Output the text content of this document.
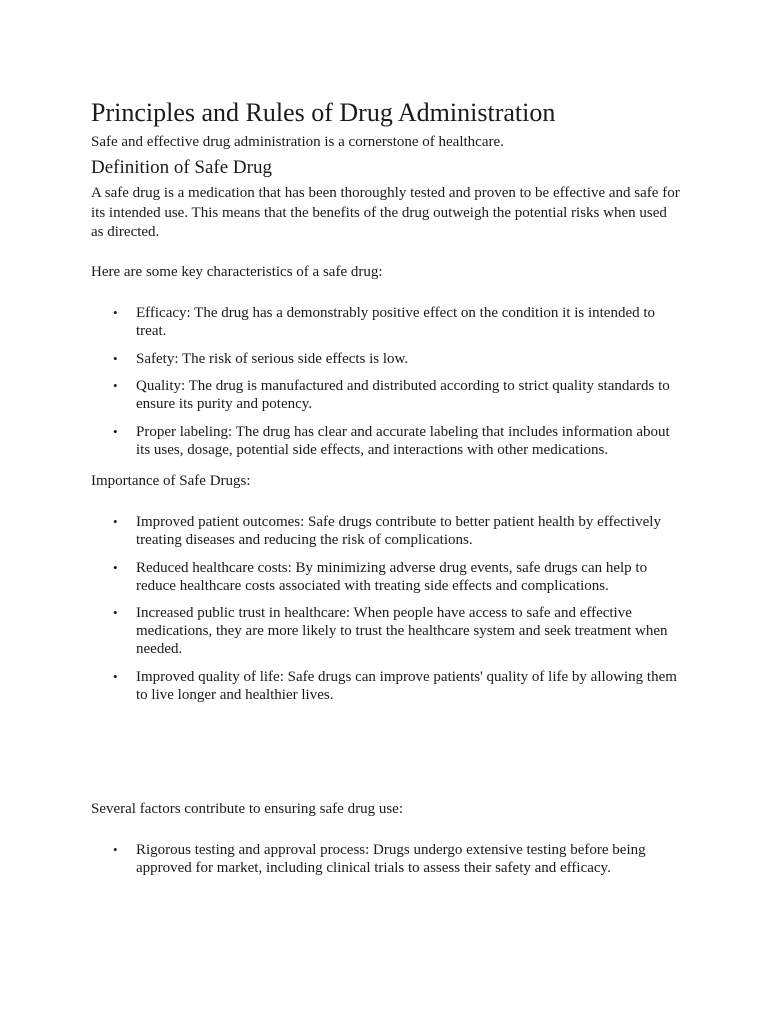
Principles and Rules of Drug Administration

Safe and effective drug administration is a cornerstone of healthcare.

Definition of Safe Drug

A safe drug is a medication that has been thoroughly tested and proven to be effective and safe for its intended use. This means that the benefits of the drug outweigh the potential risks when used as directed.

Here are some key characteristics of a safe drug:

• Efficacy: The drug has a demonstrably positive effect on the condition it is intended to treat.
• Safety: The risk of serious side effects is low.
• Quality: The drug is manufactured and distributed according to strict quality standards to ensure its purity and potency.
• Proper labeling: The drug has clear and accurate labeling that includes information about its uses, dosage, potential side effects, and interactions with other medications.

Importance of Safe Drugs:

• Improved patient outcomes: Safe drugs contribute to better patient health by effectively treating diseases and reducing the risk of complications.
• Reduced healthcare costs: By minimizing adverse drug events, safe drugs can help to reduce healthcare costs associated with treating side effects and complications.
• Increased public trust in healthcare: When people have access to safe and effective medications, they are more likely to trust the healthcare system and seek treatment when needed.
• Improved quality of life: Safe drugs can improve patients' quality of life by allowing them to live longer and healthier lives.

Several factors contribute to ensuring safe drug use:

• Rigorous testing and approval process: Drugs undergo extensive testing before being approved for market, including clinical trials to assess their safety and efficacy.
